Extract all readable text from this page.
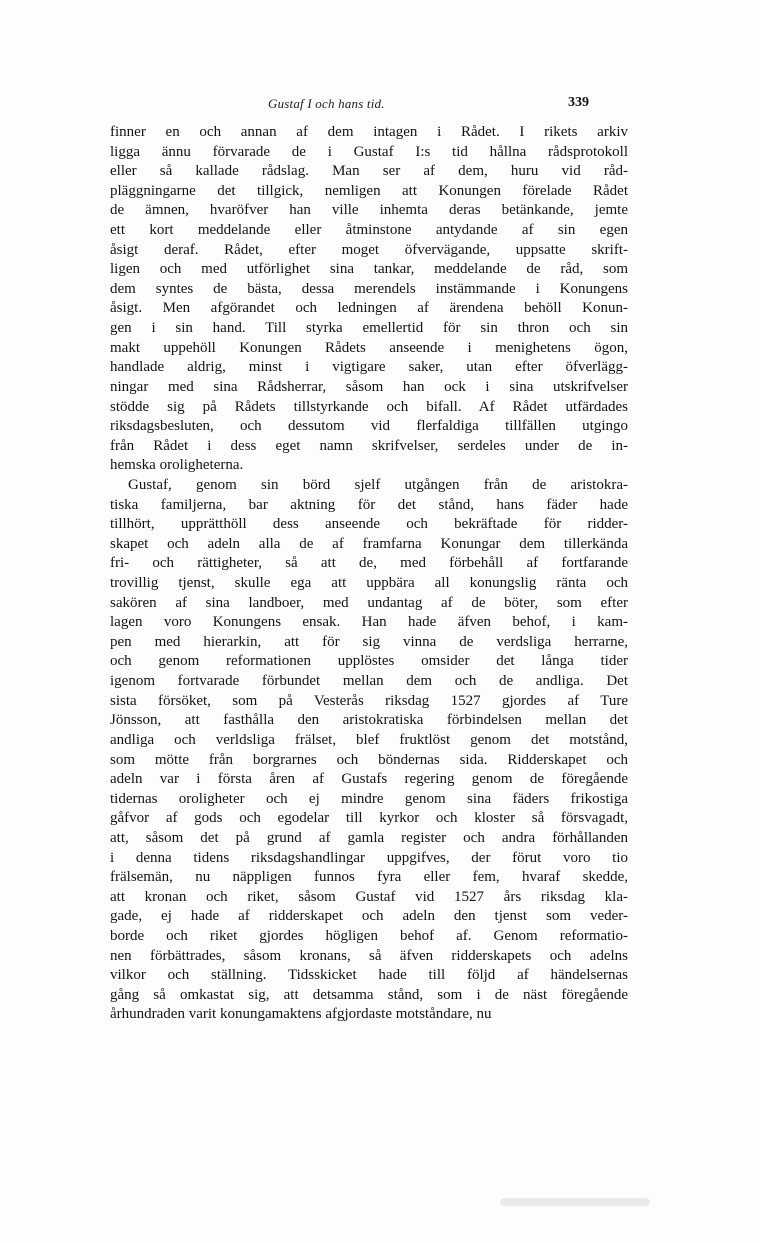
Gustaf I och hans tid.	339
finner en och annan af dem intagen i Rådet. I rikets arkiv
ligga ännu förvarade de i Gustaf I:s tid hållna rådsprotokoll
eller så kallade rådslag. Man ser af dem, huru vid råd-
pläggningarne det tillgick, nemligen att Konungen förelade Rådet
de ämnen, hvaröfver han ville inhemta deras betänkande, jemte
ett kort meddelande eller åtminstone antydande af sin egen
åsigt deraf. Rådet, efter moget öfvervägande, uppsatte skrift-
ligen och med utförlighet sina tankar, meddelande de råd, som
dem syntes de bästa, dessa merendels instämmande i Konungens
åsigt. Men afgörandet och ledningen af ärendena behöll Konun-
gen i sin hand. Till styrka emellertid för sin thron och sin
makt uppehöll Konungen Rådets anseende i menighetens ögon,
handlade aldrig, minst i vigtigare saker, utan efter öfverlägg-
ningar med sina Rådsherrar, såsom han ock i sina utskrifvelser
stödde sig på Rådets tillstyrkande och bifall. Af Rådet utfärdades
riksdagsbesluten, och dessutom vid flerfaldiga tillfällen utgingo
från Rådet i dess eget namn skrifvelser, serdeles under de in-
hemska oroligheterna.
Gustaf, genom sin börd sjelf utgången från de aristokra-
tiska familjerna, bar aktning för det stånd, hans fäder hade
tillhört, upprätthöll dess anseende och bekräftade för ridder-
skapet och adeln alla de af framfarna Konungar dem tillerkända
fri- och rättigheter, så att de, med förbehåll af fortfarande
trovillig tjenst, skulle ega att uppbära all konungslig ränta och
sakören af sina landboer, med undantag af de böter, som efter
lagen voro Konungens ensak. Han hade äfven behof, i kam-
pen med hierarkin, att för sig vinna de verdsliga herrarne,
och genom reformationen upplöstes omsider det långa tider
igenom fortvarade förbundet mellan dem och de andliga. Det
sista försöket, som på Vesterås riksdag 1527 gjordes af Ture
Jönsson, att fasthålla den aristokratiska förbindelsen mellan det
andliga och verldsliga frälset, blef fruktlöst genom det motstånd,
som mötte från borgrarnes och böndernas sida. Ridderskapet och
adeln var i första åren af Gustafs regering genom de föregående
tidernas oroligheter och ej mindre genom sina fäders frikostiga
gåfvor af gods och egodelar till kyrkor och kloster så försvagadt,
att, såsom det på grund af gamla register och andra förhållanden
i denna tidens riksdagshandlingar uppgifves, der förut voro tio
frälsemän, nu näppligen funnos fyra eller fem, hvaraf skedde,
att kronan och riket, såsom Gustaf vid 1527 års riksdag kla-
gade, ej hade af ridderskapet och adeln den tjenst som veder-
borde och riket gjordes högligen behof af. Genom reformatio-
nen förbättrades, såsom kronans, så äfven ridderskapets och adelns
vilkor och ställning. Tidsskicket hade till följd af händelsernas
gång så omkastat sig, att detsamma stånd, som i de näst föregående
århundraden varit konungamaktens afgjordaste motståndare, nu
